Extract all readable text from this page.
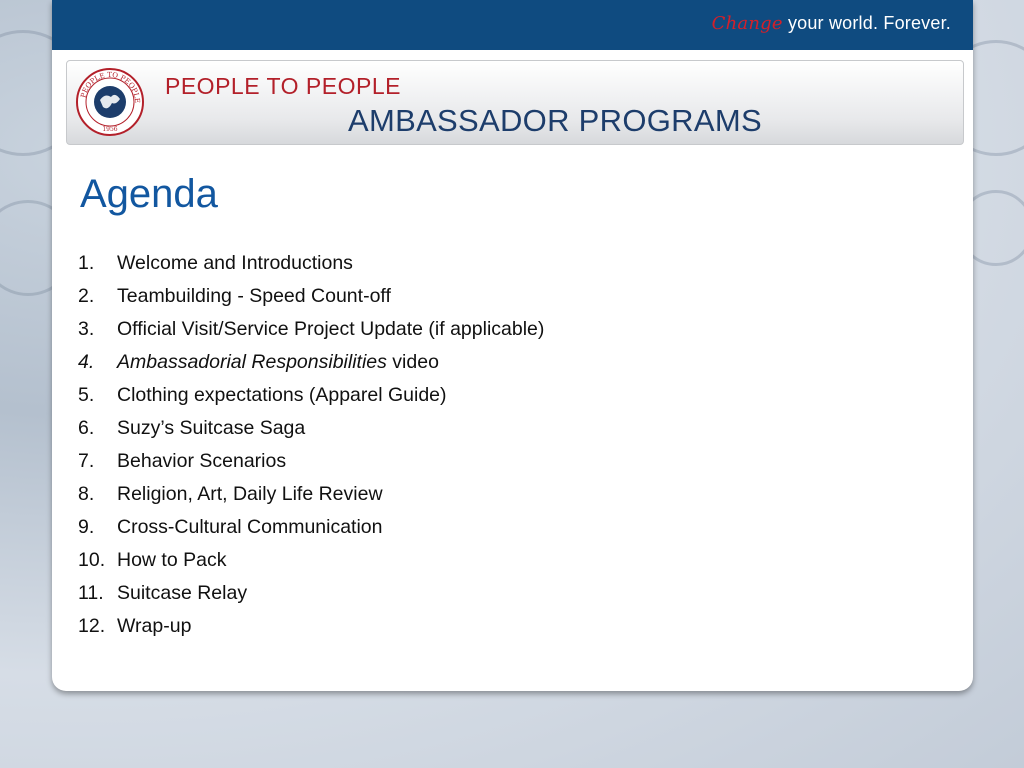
Change your world. Forever.
PEOPLE TO PEOPLE
1956
PEOPLE TO PEOPLE
AMBASSADOR PROGRAMS
Agenda
1.	Welcome and Introductions
2.	Teambuilding - Speed Count-off
3.	Official Visit/Service Project Update (if applicable)
4.	Ambassadorial Responsibilities video
5.	Clothing expectations (Apparel Guide)
6.	Suzy’s Suitcase Saga
7.	Behavior Scenarios
8.	Religion, Art, Daily Life Review
9.	Cross-Cultural Communication
10. How to Pack
11. Suitcase Relay
12. Wrap-up
